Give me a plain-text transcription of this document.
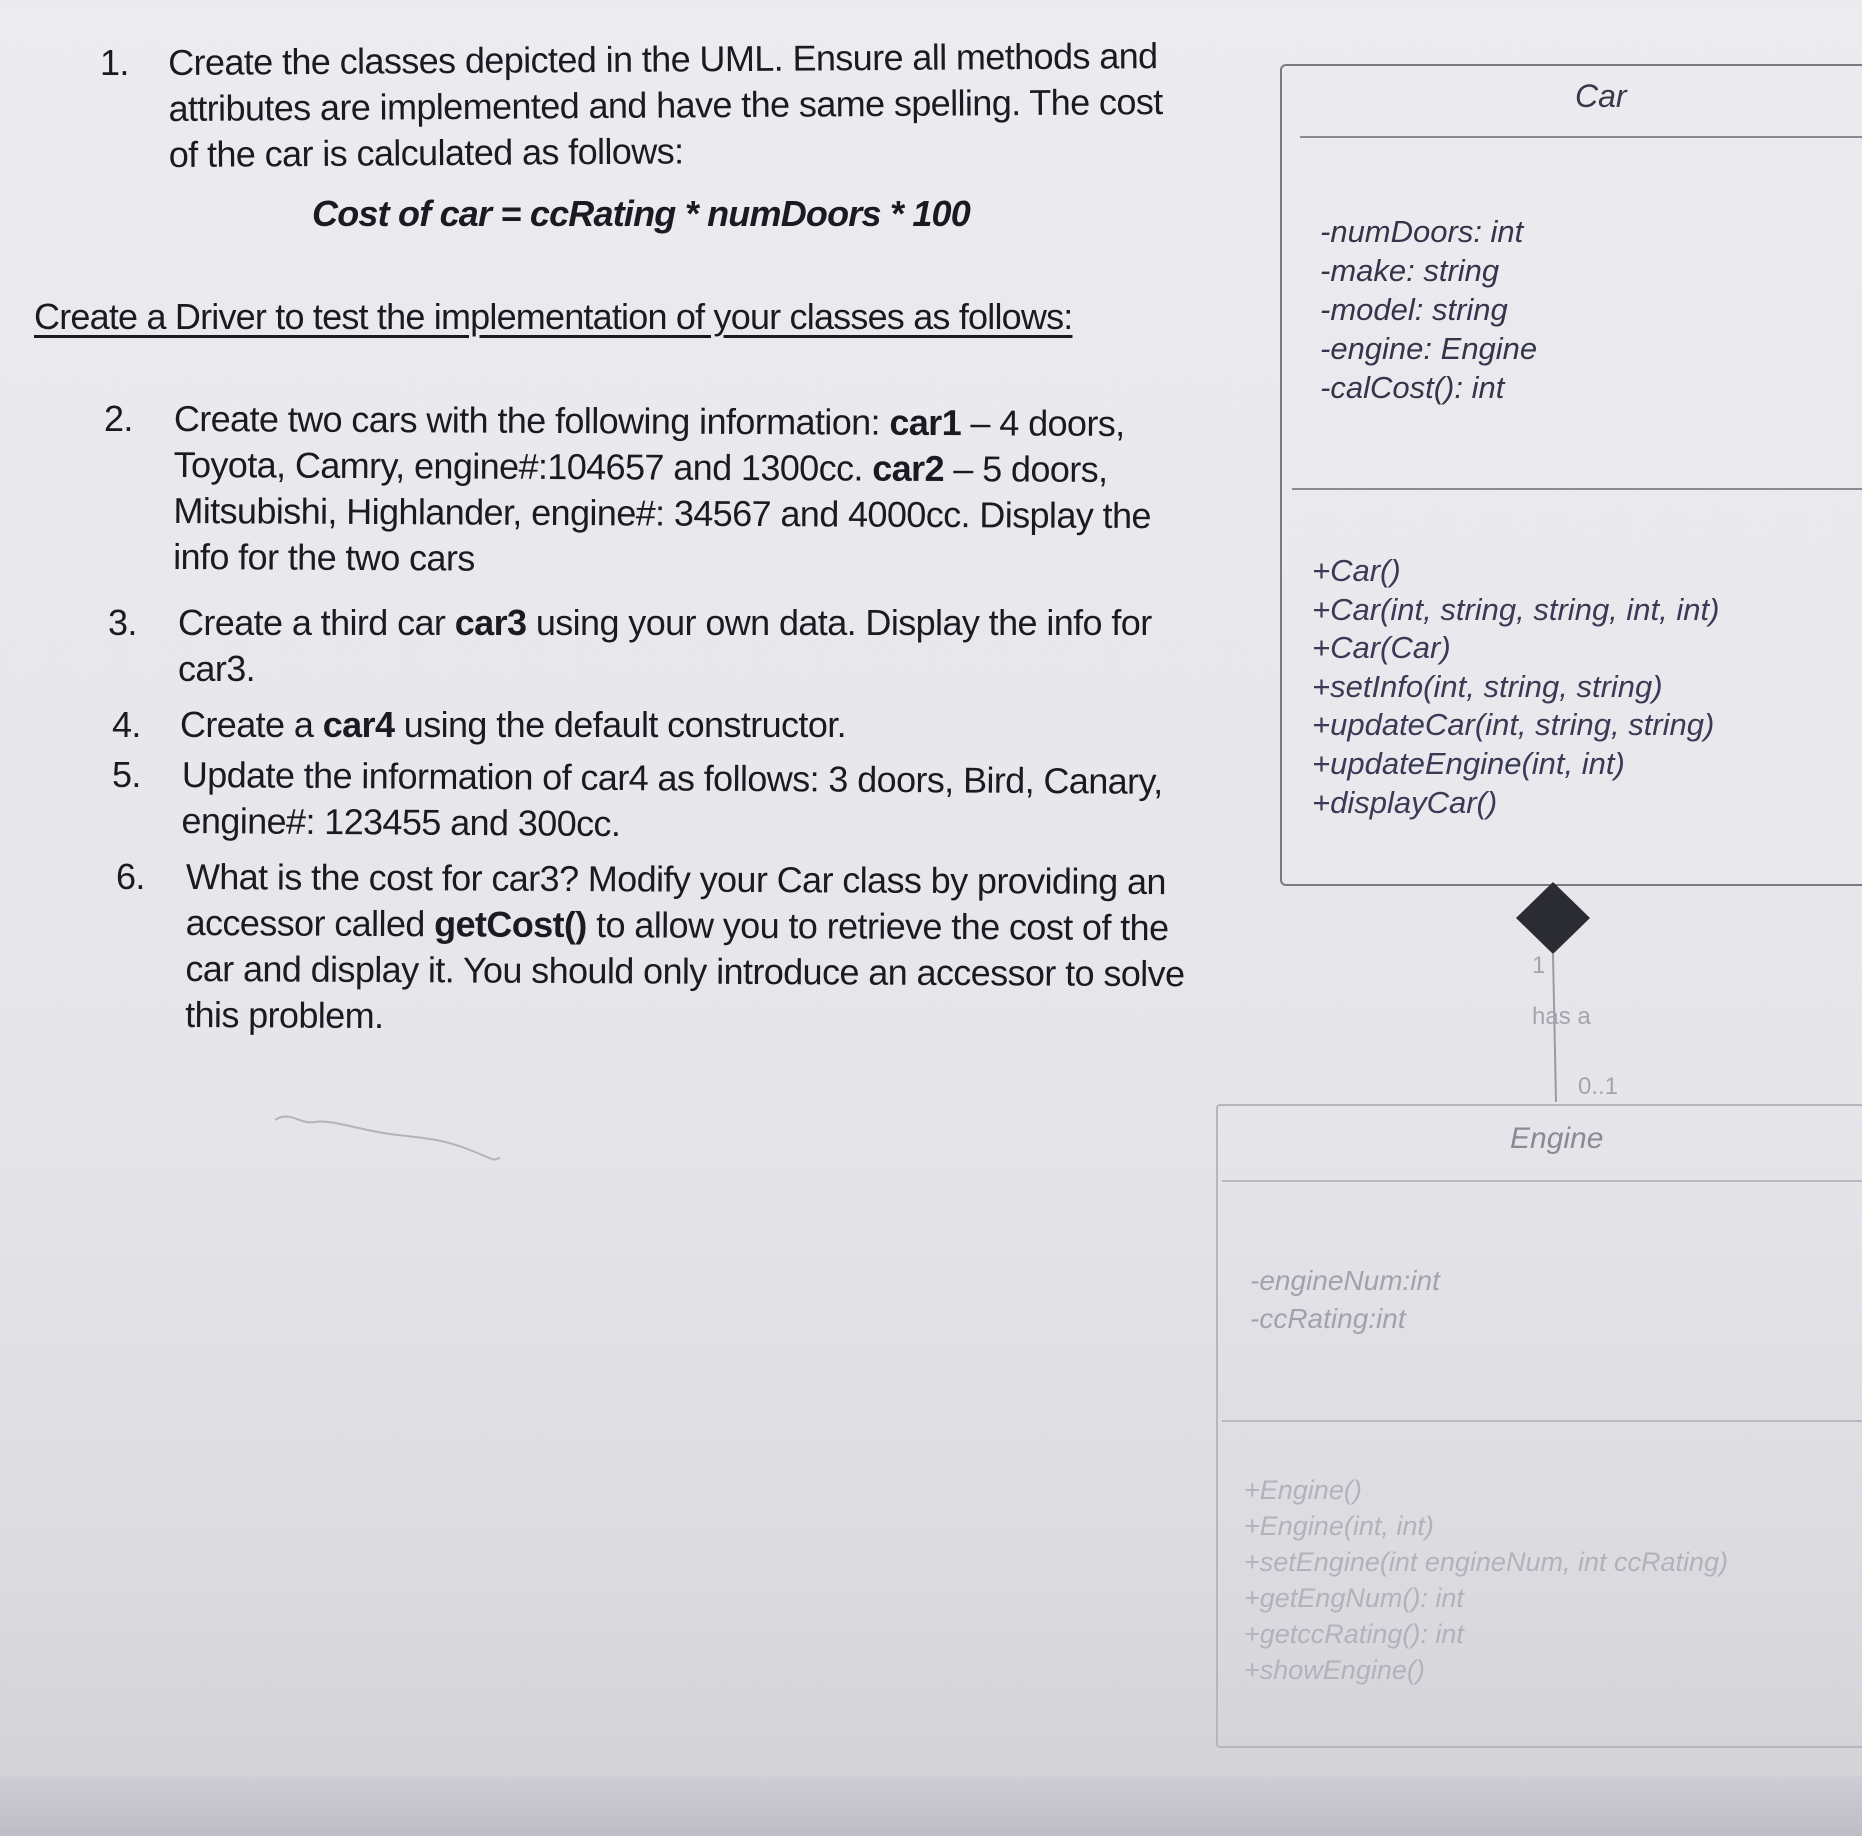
1.	Create the classes depicted in the UML. Ensure all methods and
attributes are implemented and have the same spelling. The cost
of the car is calculated as follows:
Cost of car = ccRating * numDoors * 100
Create a Driver to test the implementation of your classes as follows:
2.	Create two cars with the following information: car1 – 4 doors,
Toyota, Camry, engine#:104657 and 1300cc. car2 – 5 doors,
Mitsubishi, Highlander, engine#: 34567 and 4000cc. Display the
info for the two cars
3.	Create a third car car3 using your own data. Display the info for
car3.
4.	Create a car4 using the default constructor.
5.	Update the information of car4 as follows: 3 doors, Bird, Canary,
engine#: 123455 and 300cc.
6.	What is the cost for car3? Modify your Car class by providing an
accessor called getCost() to allow you to retrieve the cost of the
car and display it. You should only introduce an accessor to solve
this problem.
Car
-numDoors: int
-make: string
-model: string
-engine: Engine
-calCost(): int
+Car()
+Car(int, string, string, int, int)
+Car(Car)
+setInfo(int, string, string)
+updateCar(int, string, string)
+updateEngine(int, int)
+displayCar()
1
has a
0..1
Engine
-engineNum:int
-ccRating:int
+Engine()
+Engine(int, int)
+setEngine(int engineNum, int ccRating)
+getEngNum(): int
+getccRating(): int
+showEngine()
